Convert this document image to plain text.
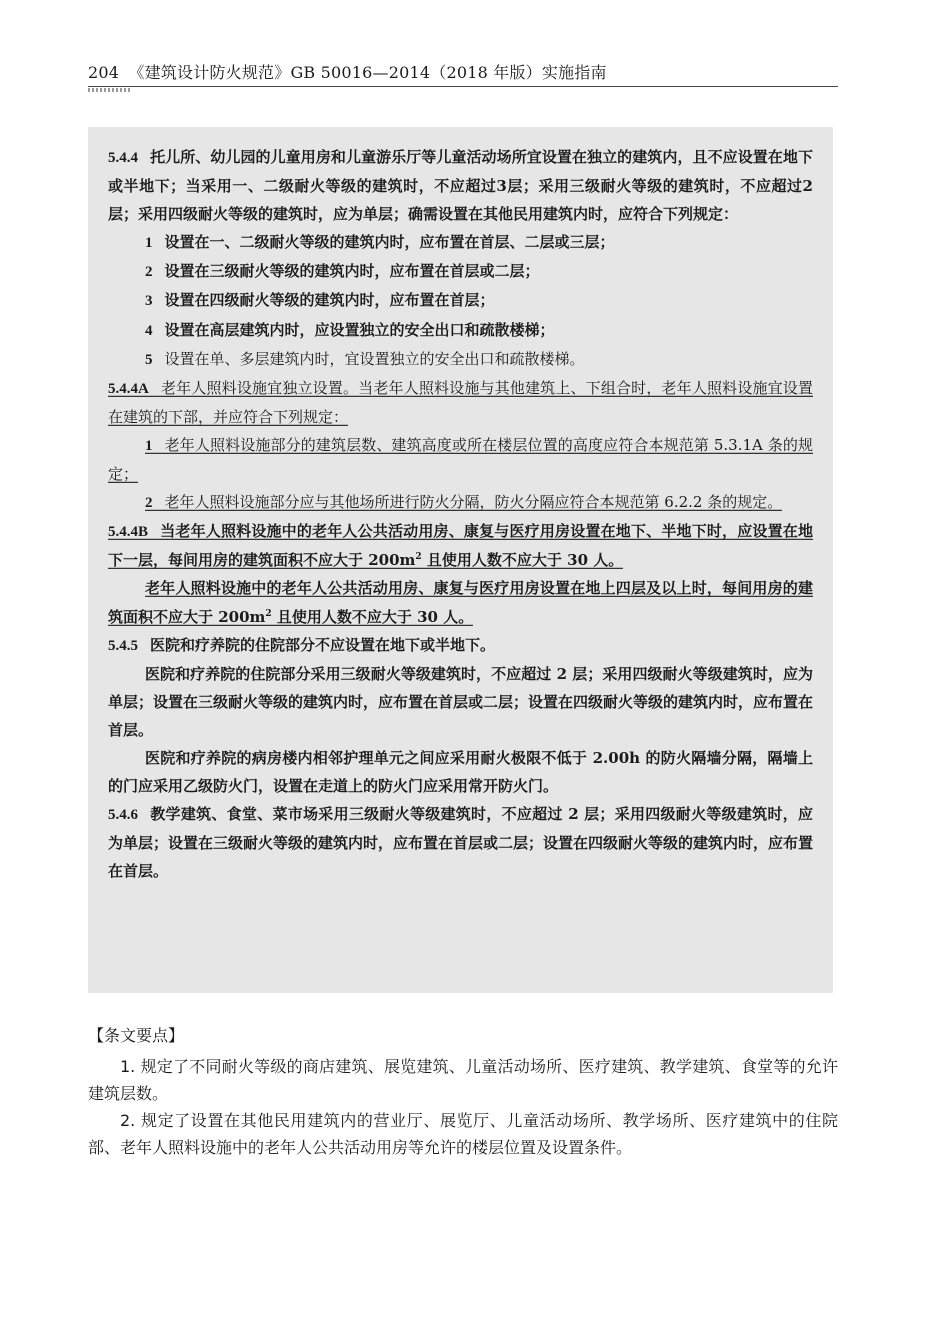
204 《建筑设计防火规范》GB 50016—2014（2018 年版）实施指南

5.4.4 托儿所、幼儿园的儿童用房和儿童游乐厅等儿童活动场所宜设置在独立的建筑内，且不应设置在地下或半地下；当采用一、二级耐火等级的建筑时，不应超过3层；采用三级耐火等级的建筑时，不应超过2层；采用四级耐火等级的建筑时，应为单层；确需设置在其他民用建筑内时，应符合下列规定：

1 设置在一、二级耐火等级的建筑内时，应布置在首层、二层或三层；

2 设置在三级耐火等级的建筑内时，应布置在首层或二层；

3 设置在四级耐火等级的建筑内时，应布置在首层；

4 设置在高层建筑内时，应设置独立的安全出口和疏散楼梯；

5 设置在单、多层建筑内时，宜设置独立的安全出口和疏散楼梯。

5.4.4A 老年人照料设施宜独立设置。当老年人照料设施与其他建筑上、下组合时，老年人照料设施宜设置在建筑的下部，并应符合下列规定：

1 老年人照料设施部分的建筑层数、建筑高度或所在楼层位置的高度应符合本规范第 5.3.1A 条的规定；

2 老年人照料设施部分应与其他场所进行防火分隔，防火分隔应符合本规范第 6.2.2 条的规定。

5.4.4B 当老年人照料设施中的老年人公共活动用房、康复与医疗用房设置在地下、半地下时，应设置在地下一层，每间用房的建筑面积不应大于 $200m^2$ 且使用人数不应大于 30 人。

老年人照料设施中的老年人公共活动用房、康复与医疗用房设置在地上四层及以上时，每间用房的建筑面积不应大于 $200m^2$ 且使用人数不应大于 30 人。

5.4.5 医院和疗养院的住院部分不应设置在地下或半地下。

医院和疗养院的住院部分采用三级耐火等级建筑时，不应超过 2 层；采用四级耐火等级建筑时，应为单层；设置在三级耐火等级的建筑内时，应布置在首层或二层；设置在四级耐火等级的建筑内时，应布置在首层。

医院和疗养院的病房楼内相邻护理单元之间应采用耐火极限不低于 2.00h 的防火隔墙分隔，隔墙上的门应采用乙级防火门，设置在走道上的防火门应采用常开防火门。

5.4.6 教学建筑、食堂、菜市场采用三级耐火等级建筑时，不应超过 2 层；采用四级耐火等级建筑时，应为单层；设置在三级耐火等级的建筑内时，应布置在首层或二层；设置在四级耐火等级的建筑内时，应布置在首层。

【条文要点】

1. 规定了不同耐火等级的商店建筑、展览建筑、儿童活动场所、医疗建筑、教学建筑、食堂等的允许建筑层数。

2. 规定了设置在其他民用建筑内的营业厅、展览厅、儿童活动场所、教学场所、医疗建筑中的住院部、老年人照料设施中的老年人公共活动用房等允许的楼层位置及设置条件。
